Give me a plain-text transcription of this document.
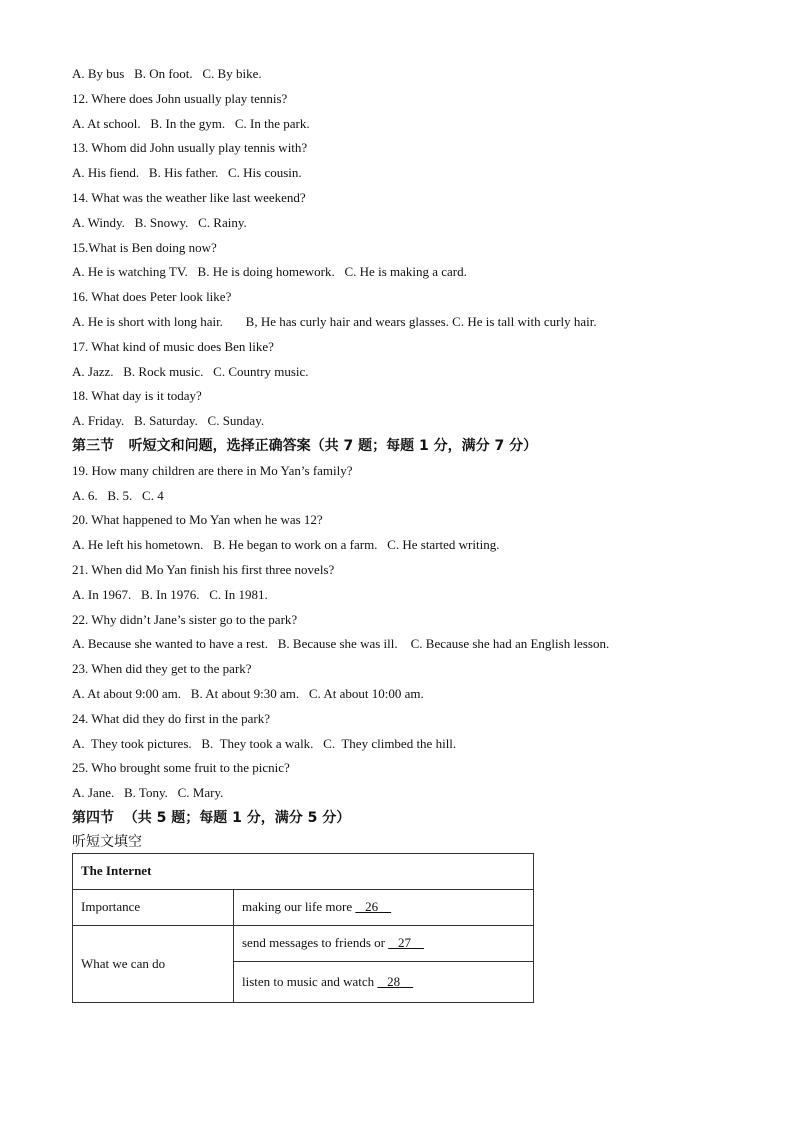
A. By bus   B. On foot.   C. By bike.
12. Where does John usually play tennis?
A. At school.   B. In the gym.   C. In the park.
13. Whom did John usually play tennis with?
A. His fiend.   B. His father.   C. His cousin.
14. What was the weather like last weekend?
A. Windy.   B. Snowy.   C. Rainy.
15.What is Ben doing now?
A. He is watching TV.   B. He is doing homework.   C. He is making a card.
16. What does Peter look like?
A. He is short with long hair.       B, He has curly hair and wears glasses. C. He is tall with curly hair.
17. What kind of music does Ben like?
A. Jazz.   B. Rock music.   C. Country music.
18. What day is it today?
A. Friday.   B. Saturday.   C. Sunday.
第三节   听短文和问题，选择正确答案（共 7 题；每题 1 分，满分 7 分）
19. How many children are there in Mo Yan’s family?
A. 6.   B. 5.   C. 4
20. What happened to Mo Yan when he was 12?
A. He left his hometown.   B. He began to work on a farm.   C. He started writing.
21. When did Mo Yan finish his first three novels?
A. In 1967.   B. In 1976.   C. In 1981.
22. Why didn’t Jane’s sister go to the park?
A. Because she wanted to have a rest.   B. Because she was ill.    C. Because she had an English lesson.
23. When did they get to the park?
A. At about 9:00 am.   B. At about 9:30 am.   C. At about 10:00 am.
24. What did they do first in the park?
A.  They took pictures.   B.  They took a walk.   C.  They climbed the hill.
25. Who brought some fruit to the picnic?
A. Jane.   B. Tony.   C. Mary.
第四节  （共 5 题；每题 1 分，满分 5 分）
听短文填空
The Internet	
Importance	making our life more    26
What we can do	send messages to friends or    27
	listen to music and watch    28
